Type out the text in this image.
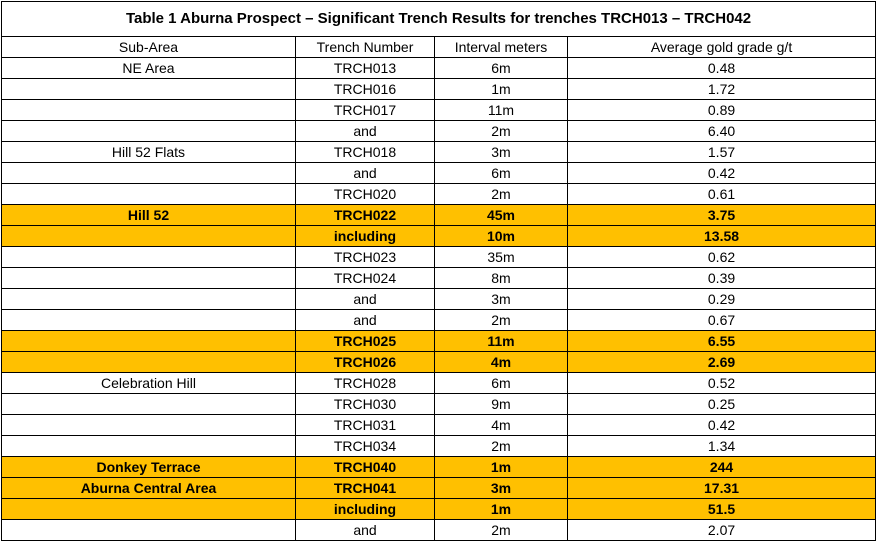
Table 1 Aburna Prospect – Significant Trench Results for trenches TRCH013 – TRCH042			
Sub-Area	Trench Number	Interval meters	Average gold grade g/t
NE Area	TRCH013	6m	0.48
	TRCH016	1m	1.72
	TRCH017	11m	0.89
	and	2m	6.40
Hill 52 Flats	TRCH018	3m	1.57
	and	6m	0.42
	TRCH020	2m	0.61
Hill 52	TRCH022	45m	3.75
	including	10m	13.58
	TRCH023	35m	0.62
	TRCH024	8m	0.39
	and	3m	0.29
	and	2m	0.67
	TRCH025	11m	6.55
	TRCH026	4m	2.69
Celebration Hill	TRCH028	6m	0.52
	TRCH030	9m	0.25
	TRCH031	4m	0.42
	TRCH034	2m	1.34
Donkey Terrace	TRCH040	1m	244
Aburna Central Area	TRCH041	3m	17.31
	including	1m	51.5
	and	2m	2.07
